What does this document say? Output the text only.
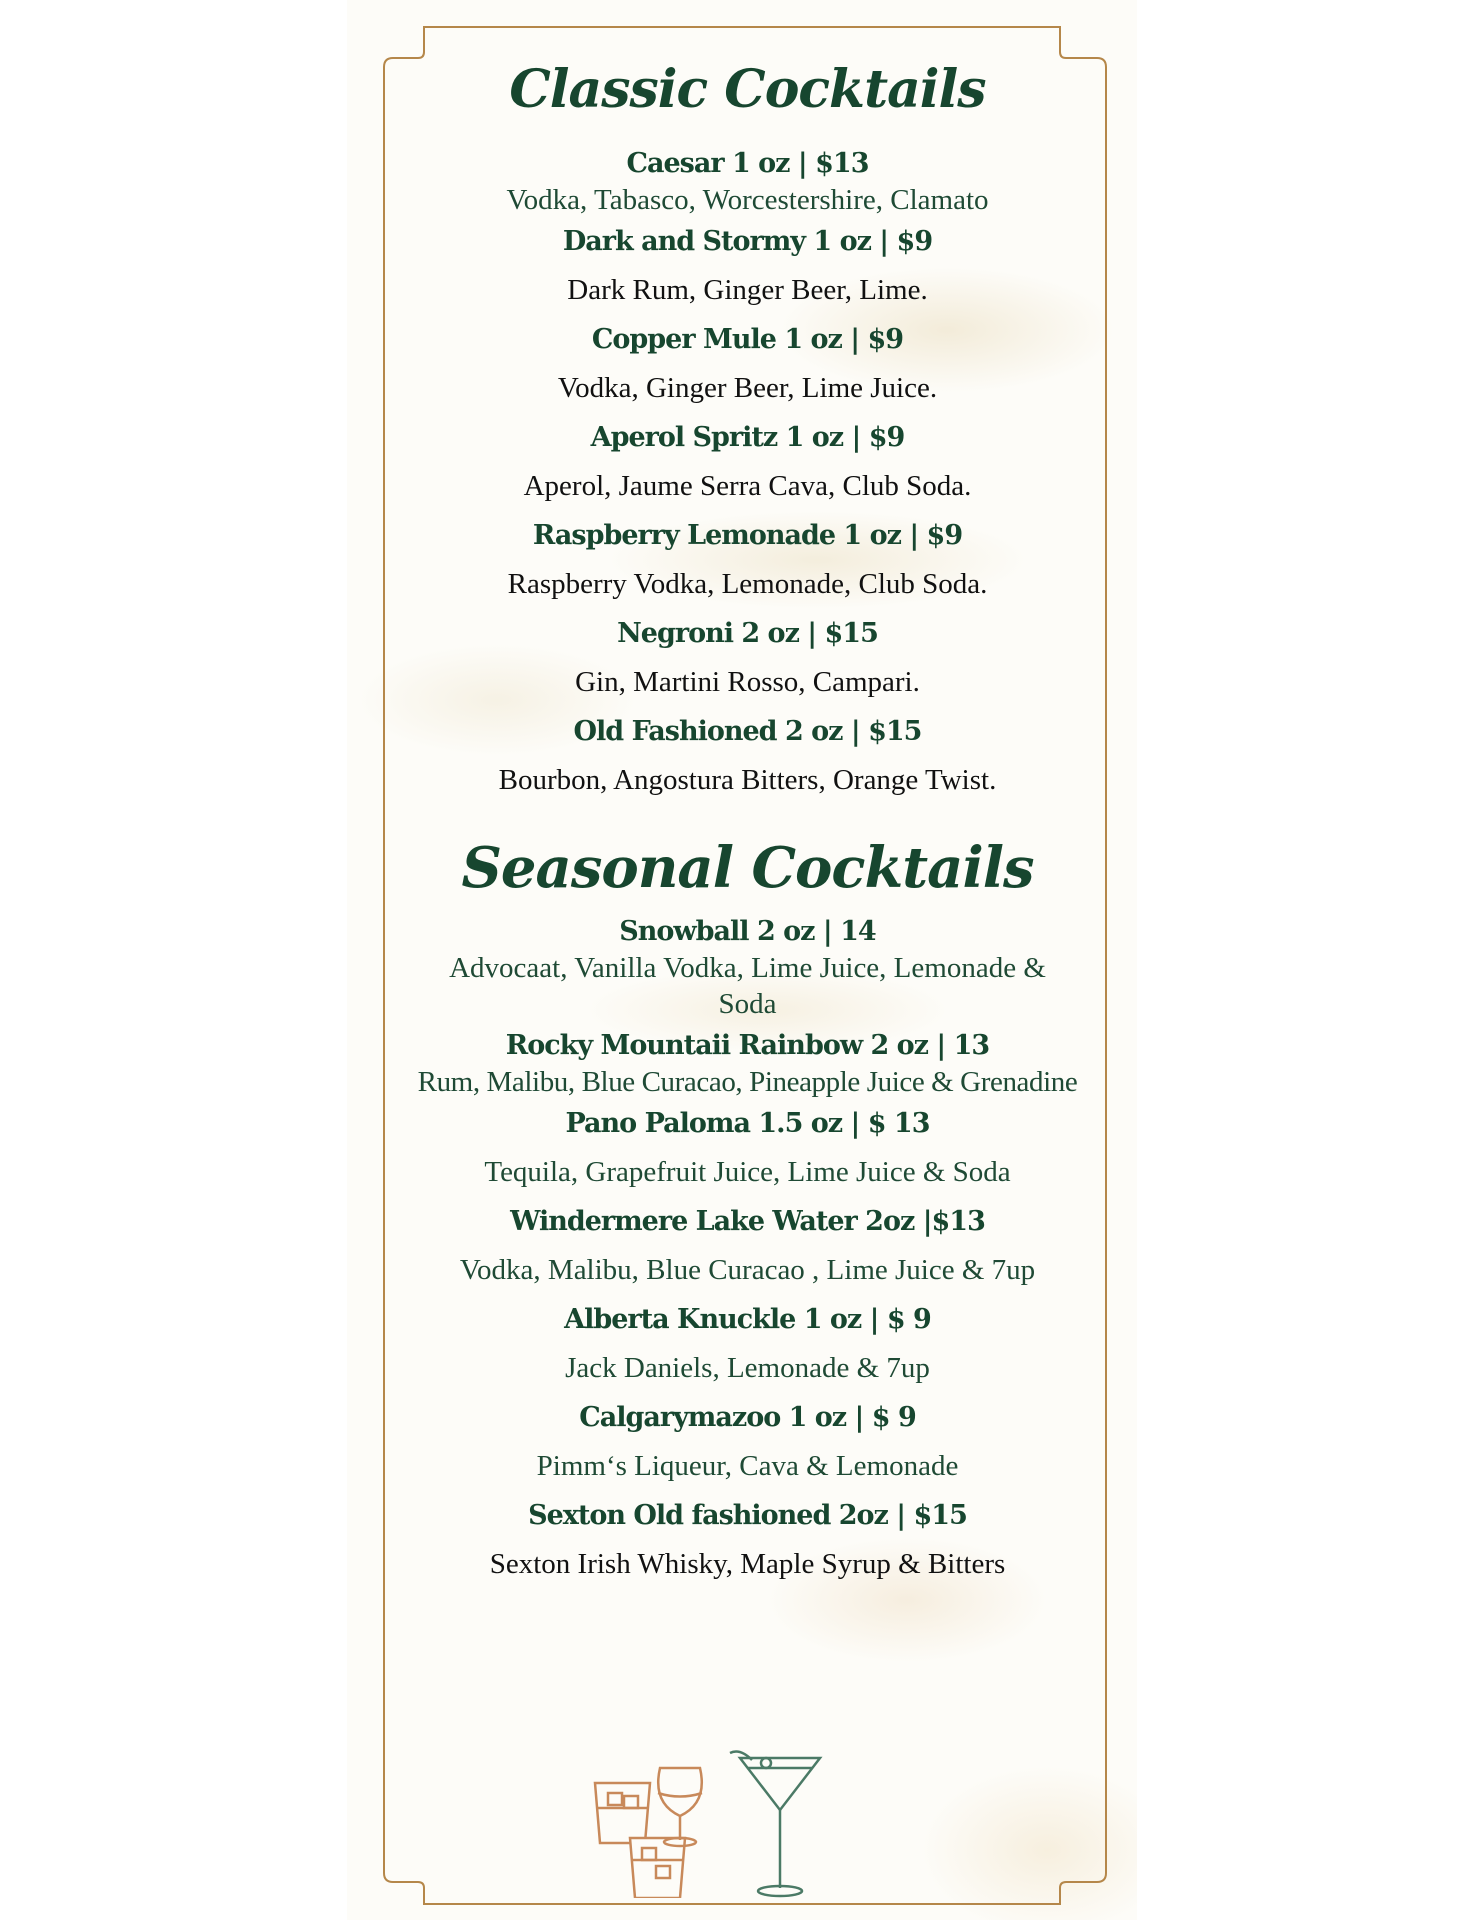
Classic Cocktails
Caesar 1 oz | $13
Vodka, Tabasco, Worcestershire, Clamato
Dark and Stormy 1 oz | $9
Dark Rum, Ginger Beer, Lime.
Copper Mule 1 oz | $9
Vodka, Ginger Beer, Lime Juice.
Aperol Spritz 1 oz | $9
Aperol, Jaume Serra Cava, Club Soda.
Raspberry Lemonade 1 oz | $9
Raspberry Vodka, Lemonade, Club Soda.
Negroni 2 oz | $15
Gin, Martini Rosso, Campari.
Old Fashioned 2 oz | $15
Bourbon, Angostura Bitters, Orange Twist.
Seasonal Cocktails
Snowball 2 oz | 14
Advocaat, Vanilla Vodka, Lime Juice, Lemonade & Soda
Rocky Mountaii Rainbow 2 oz | 13
Rum, Malibu, Blue Curacao, Pineapple Juice & Grenadine
Pano Paloma 1.5 oz | $ 13
Tequila, Grapefruit Juice, Lime Juice & Soda
Windermere Lake Water 2oz |$13
Vodka, Malibu, Blue Curacao , Lime Juice & 7up
Alberta Knuckle 1 oz | $ 9
Jack Daniels, Lemonade & 7up
Calgarymazoo 1 oz | $ 9
Pimm‘s Liqueur, Cava & Lemonade
Sexton Old fashioned 2oz | $15
Sexton Irish Whisky, Maple Syrup & Bitters
